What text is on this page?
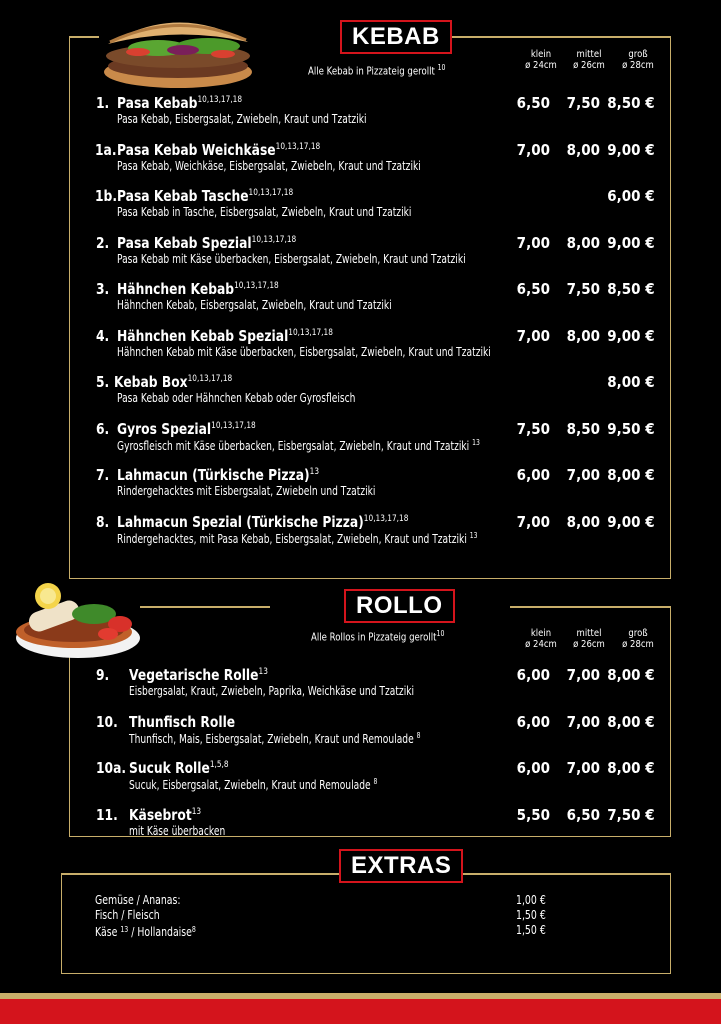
KEBAB
Alle Kebab in Pizzateig gerollt $^{10}$
klein
ø 24cm
mittel
ø 26cm
groß
ø 28cm
1. Pasa Kebab$^{10,13,17,18}$
Pasa Kebab, Eisbergsalat, Zwiebeln, Kraut und Tzatziki
6,50	7,50 8,50 €
1a. Pasa Kebab Weichkäse$^{10,13,17,18}$
Pasa Kebab, Weichkäse, Eisbergsalat, Zwiebeln, Kraut und Tzatziki
7,00	8,00 9,00 €
1b. Pasa Kebab Tasche$^{10,13,17,18}$
Pasa Kebab in Tasche, Eisbergsalat, Zwiebeln, Kraut und Tzatziki
6,00 €
2. Pasa Kebab Spezial$^{10,13,17,18}$
Pasa Kebab mit Käse überbacken, Eisbergsalat, Zwiebeln, Kraut und Tzatziki
7,00	8,00 9,00 €
3. Hähnchen Kebab$^{10,13,17,18}$
Hähnchen Kebab, Eisbergsalat, Zwiebeln, Kraut und Tzatziki
6,50	7,50 8,50 €
4. Hähnchen Kebab Spezial$^{10,13,17,18}$
Hähnchen Kebab mit Käse überbacken, Eisbergsalat, Zwiebeln, Kraut und Tzatziki
7,00	8,00 9,00 €
5. Kebab Box$^{10,13,17,18}$
Pasa Kebab oder Hähnchen Kebab oder Gyrosfleisch
8,00 €
6. Gyros Spezial$^{10,13,17,18}$
Gyrosfleisch mit Käse überbacken, Eisbergsalat, Zwiebeln, Kraut und Tzatziki $^{13}$
7,50	8,50 9,50 €
7. Lahmacun (Türkische Pizza)$^{13}$
Rindergehacktes mit Eisbergsalat, Zwiebeln und Tzatziki
6,00	7,00 8,00 €
8. Lahmacun Spezial (Türkische Pizza)$^{10,13,17,18}$
Rindergehacktes, mit Pasa Kebab, Eisbergsalat, Zwiebeln, Kraut und Tzatziki $^{13}$
7,00	8,00 9,00 €
ROLLO
Alle Rollos in Pizzateig gerollt$^{10}$	klein
ø 24cm
mittel
ø 26cm
groß
ø 28cm
9. Vegetarische Rolle$^{13}$
Eisbergsalat, Kraut, Zwiebeln, Paprika, Weichkäse und Tzatziki
6,00	7,00 8,00 €
10. Thunfisch Rolle
Thunfisch, Mais, Eisbergsalat, Zwiebeln, Kraut und Remoulade $^8$
6,00	7,00 8,00 €
10a. Sucuk Rolle$^{1,5,8}$
Sucuk, Eisbergsalat, Zwiebeln, Kraut und Remoulade $^8$
6,00	7,00 8,00 €
11. Käsebrot$^{13}$
mit Käse überbacken
5,50	6,50 7,50 €
EXTRAS
Gemüse / Ananas:	1,00 €
Fisch / Fleisch	1,50 €
Käse $^{13}$ / Hollandaise$^8$	1,50 €
